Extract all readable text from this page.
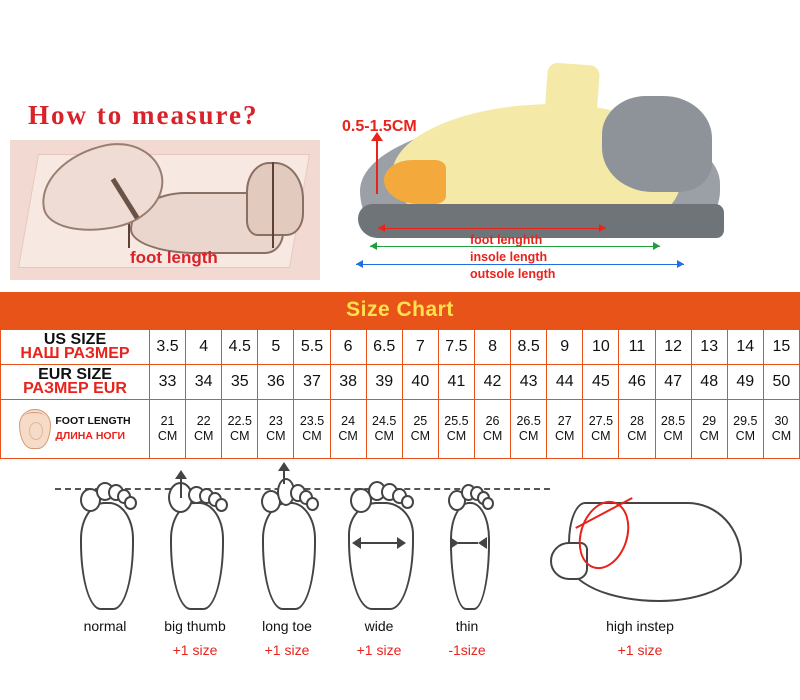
How to measure?
foot length
0.5-1.5CM
foot lenghth
insole length
outsole length
Size Chart
US SIZE
НАШ РАЗМЕР	3.5	4	4.5	5	5.5	6	6.5	7	7.5	8	8.5	9	10	11	12	13	14	15

EUR SIZE
РАЗМЕР EUR	33	34	35	36	37	38	39	40	41	42	43	44	45	46	47	48	49	50

FOOT LENGTH
ДЛИНА НОГИ	21 CM	22 CM	22.5 CM	23 CM	23.5 CM	24 CM	24.5 CM	25 CM	25.5 CM	26 CM	26.5 CM	27 CM	27.5 CM	28 CM	28.5 CM	29 CM	29.5 CM	30 CM
normal	big thumb
+1 size
long toe
+1 size
wide
+1 size
thin
-1size
high instep
+1 size
